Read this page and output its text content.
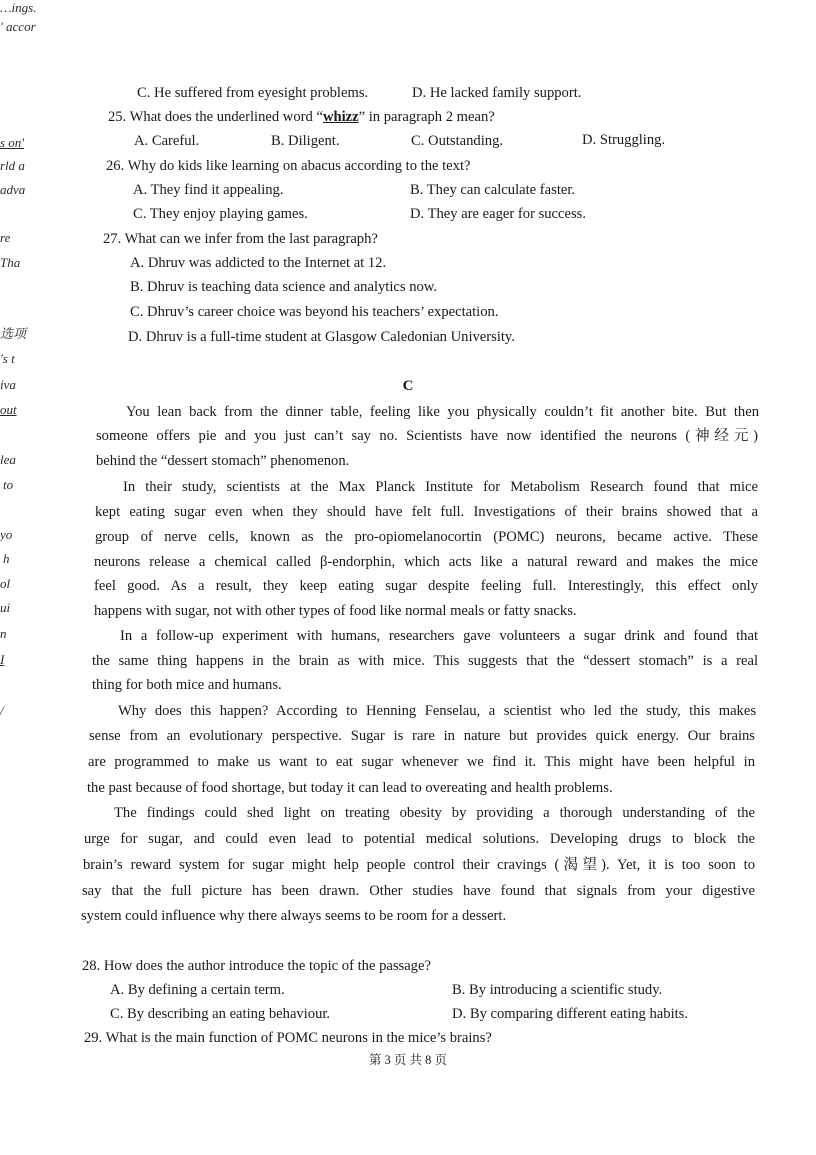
…ings.
' accor
s on'
rld a
adva
re
Tha
选项
's t
iva
out
lea
to
yo
h
ol
ui
n
I
/
C. He suffered from eyesight problems.	D. He lacked family support.
25. What does the underlined word “whizz” in paragraph 2 mean?
A. Careful.	B. Diligent.	C. Outstanding.	D. Struggling.
26. Why do kids like learning on abacus according to the text?
A. They find it appealing.	B. They can calculate faster.
C. They enjoy playing games.	D. They are eager for success.
27. What can we infer from the last paragraph?
A. Dhruv was addicted to the Internet at 12.
B. Dhruv is teaching data science and analytics now.
C. Dhruv’s career choice was beyond his teachers’ expectation.
D. Dhruv is a full-time student at Glasgow Caledonian University.
C
You lean back from the dinner table, feeling like you physically couldn’t fit another bite. But then
someone offers pie and you just can’t say no. Scientists have now identified the neurons (神经元)
behind the “dessert stomach” phenomenon.
In their study, scientists at the Max Planck Institute for Metabolism Research found that mice
kept eating sugar even when they should have felt full. Investigations of their brains showed that a
group of nerve cells, known as the pro-opiomelanocortin (POMC) neurons, became active. These
neurons release a chemical called β-endorphin, which acts like a natural reward and makes the mice
feel good. As a result, they keep eating sugar despite feeling full. Interestingly, this effect only
happens with sugar, not with other types of food like normal meals or fatty snacks.
In a follow-up experiment with humans, researchers gave volunteers a sugar drink and found that
the same thing happens in the brain as with mice. This suggests that the “dessert stomach” is a real
thing for both mice and humans.
Why does this happen? According to Henning Fenselau, a scientist who led the study, this makes
sense from an evolutionary perspective. Sugar is rare in nature but provides quick energy. Our brains
are programmed to make us want to eat sugar whenever we find it. This might have been helpful in
the past because of food shortage, but today it can lead to overeating and health problems.
The findings could shed light on treating obesity by providing a thorough understanding of the
urge for sugar, and could even lead to potential medical solutions. Developing drugs to block the
brain’s reward system for sugar might help people control their cravings (渴望). Yet, it is too soon to
say that the full picture has been drawn. Other studies have found that signals from your digestive
system could influence why there always seems to be room for a dessert.
28. How does the author introduce the topic of the passage?
A. By defining a certain term.	B. By introducing a scientific study.
C. By describing an eating behaviour.	D. By comparing different eating habits.
29. What is the main function of POMC neurons in the mice’s brains?
第 3 页 共 8 页
